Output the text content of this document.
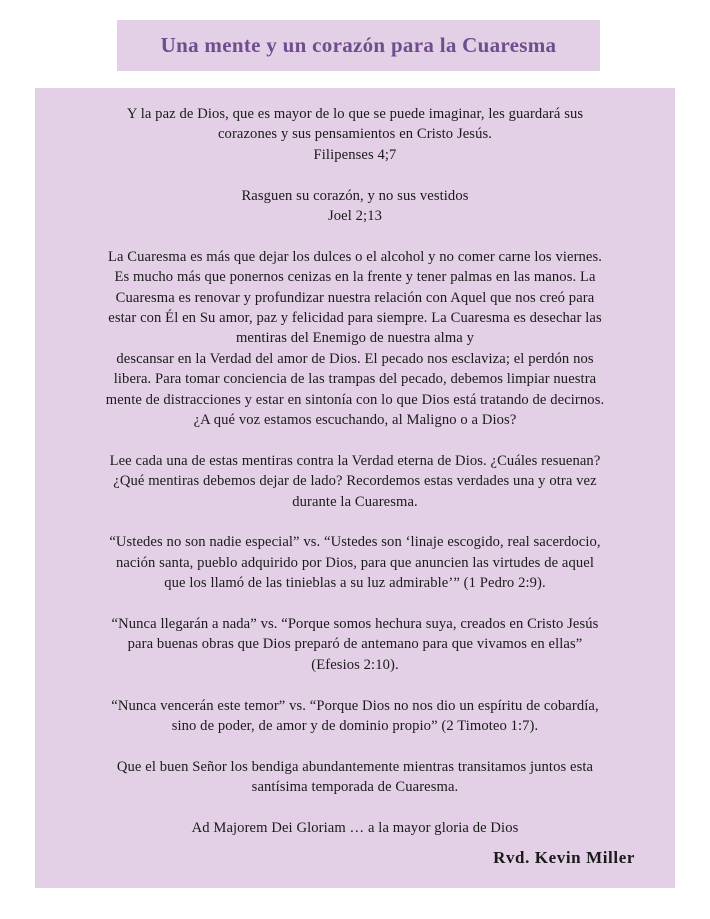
Una mente y un corazón para la Cuaresma

Y la paz de Dios, que es mayor de lo que se puede imaginar, les guardará sus
corazones y sus pensamientos en Cristo Jesús.
Filipenses 4;7

Rasguen su corazón, y no sus vestidos
Joel 2;13

La Cuaresma es más que dejar los dulces o el alcohol y no comer carne los viernes.
Es mucho más que ponernos cenizas en la frente y tener palmas en las manos. La
Cuaresma es renovar y profundizar nuestra relación con Aquel que nos creó para
estar con Él en Su amor, paz y felicidad para siempre. La Cuaresma es desechar las
mentiras del Enemigo de nuestra alma y
descansar en la Verdad del amor de Dios. El pecado nos esclaviza; el perdón nos
libera. Para tomar conciencia de las trampas del pecado, debemos limpiar nuestra
mente de distracciones y estar en sintonía con lo que Dios está tratando de decirnos.
¿A qué voz estamos escuchando, al Maligno o a Dios?

Lee cada una de estas mentiras contra la Verdad eterna de Dios. ¿Cuáles resuenan?
¿Qué mentiras debemos dejar de lado? Recordemos estas verdades una y otra vez
durante la Cuaresma.

“Ustedes no son nadie especial” vs. “Ustedes son ‘linaje escogido, real sacerdocio,
nación santa, pueblo adquirido por Dios, para que anuncien las virtudes de aquel
que los llamó de las tinieblas a su luz admirable’” (1 Pedro 2:9).

“Nunca llegarán a nada” vs. “Porque somos hechura suya, creados en Cristo Jesús
para buenas obras que Dios preparó de antemano para que vivamos en ellas”
(Efesios 2:10).

“Nunca vencerán este temor” vs. “Porque Dios no nos dio un espíritu de cobardía,
sino de poder, de amor y de dominio propio” (2 Timoteo 1:7).

Que el buen Señor los bendiga abundantemente mientras transitamos juntos esta
santísima temporada de Cuaresma.

Ad Majorem Dei Gloriam … a la mayor gloria de Dios

Rvd. Kevin Miller
